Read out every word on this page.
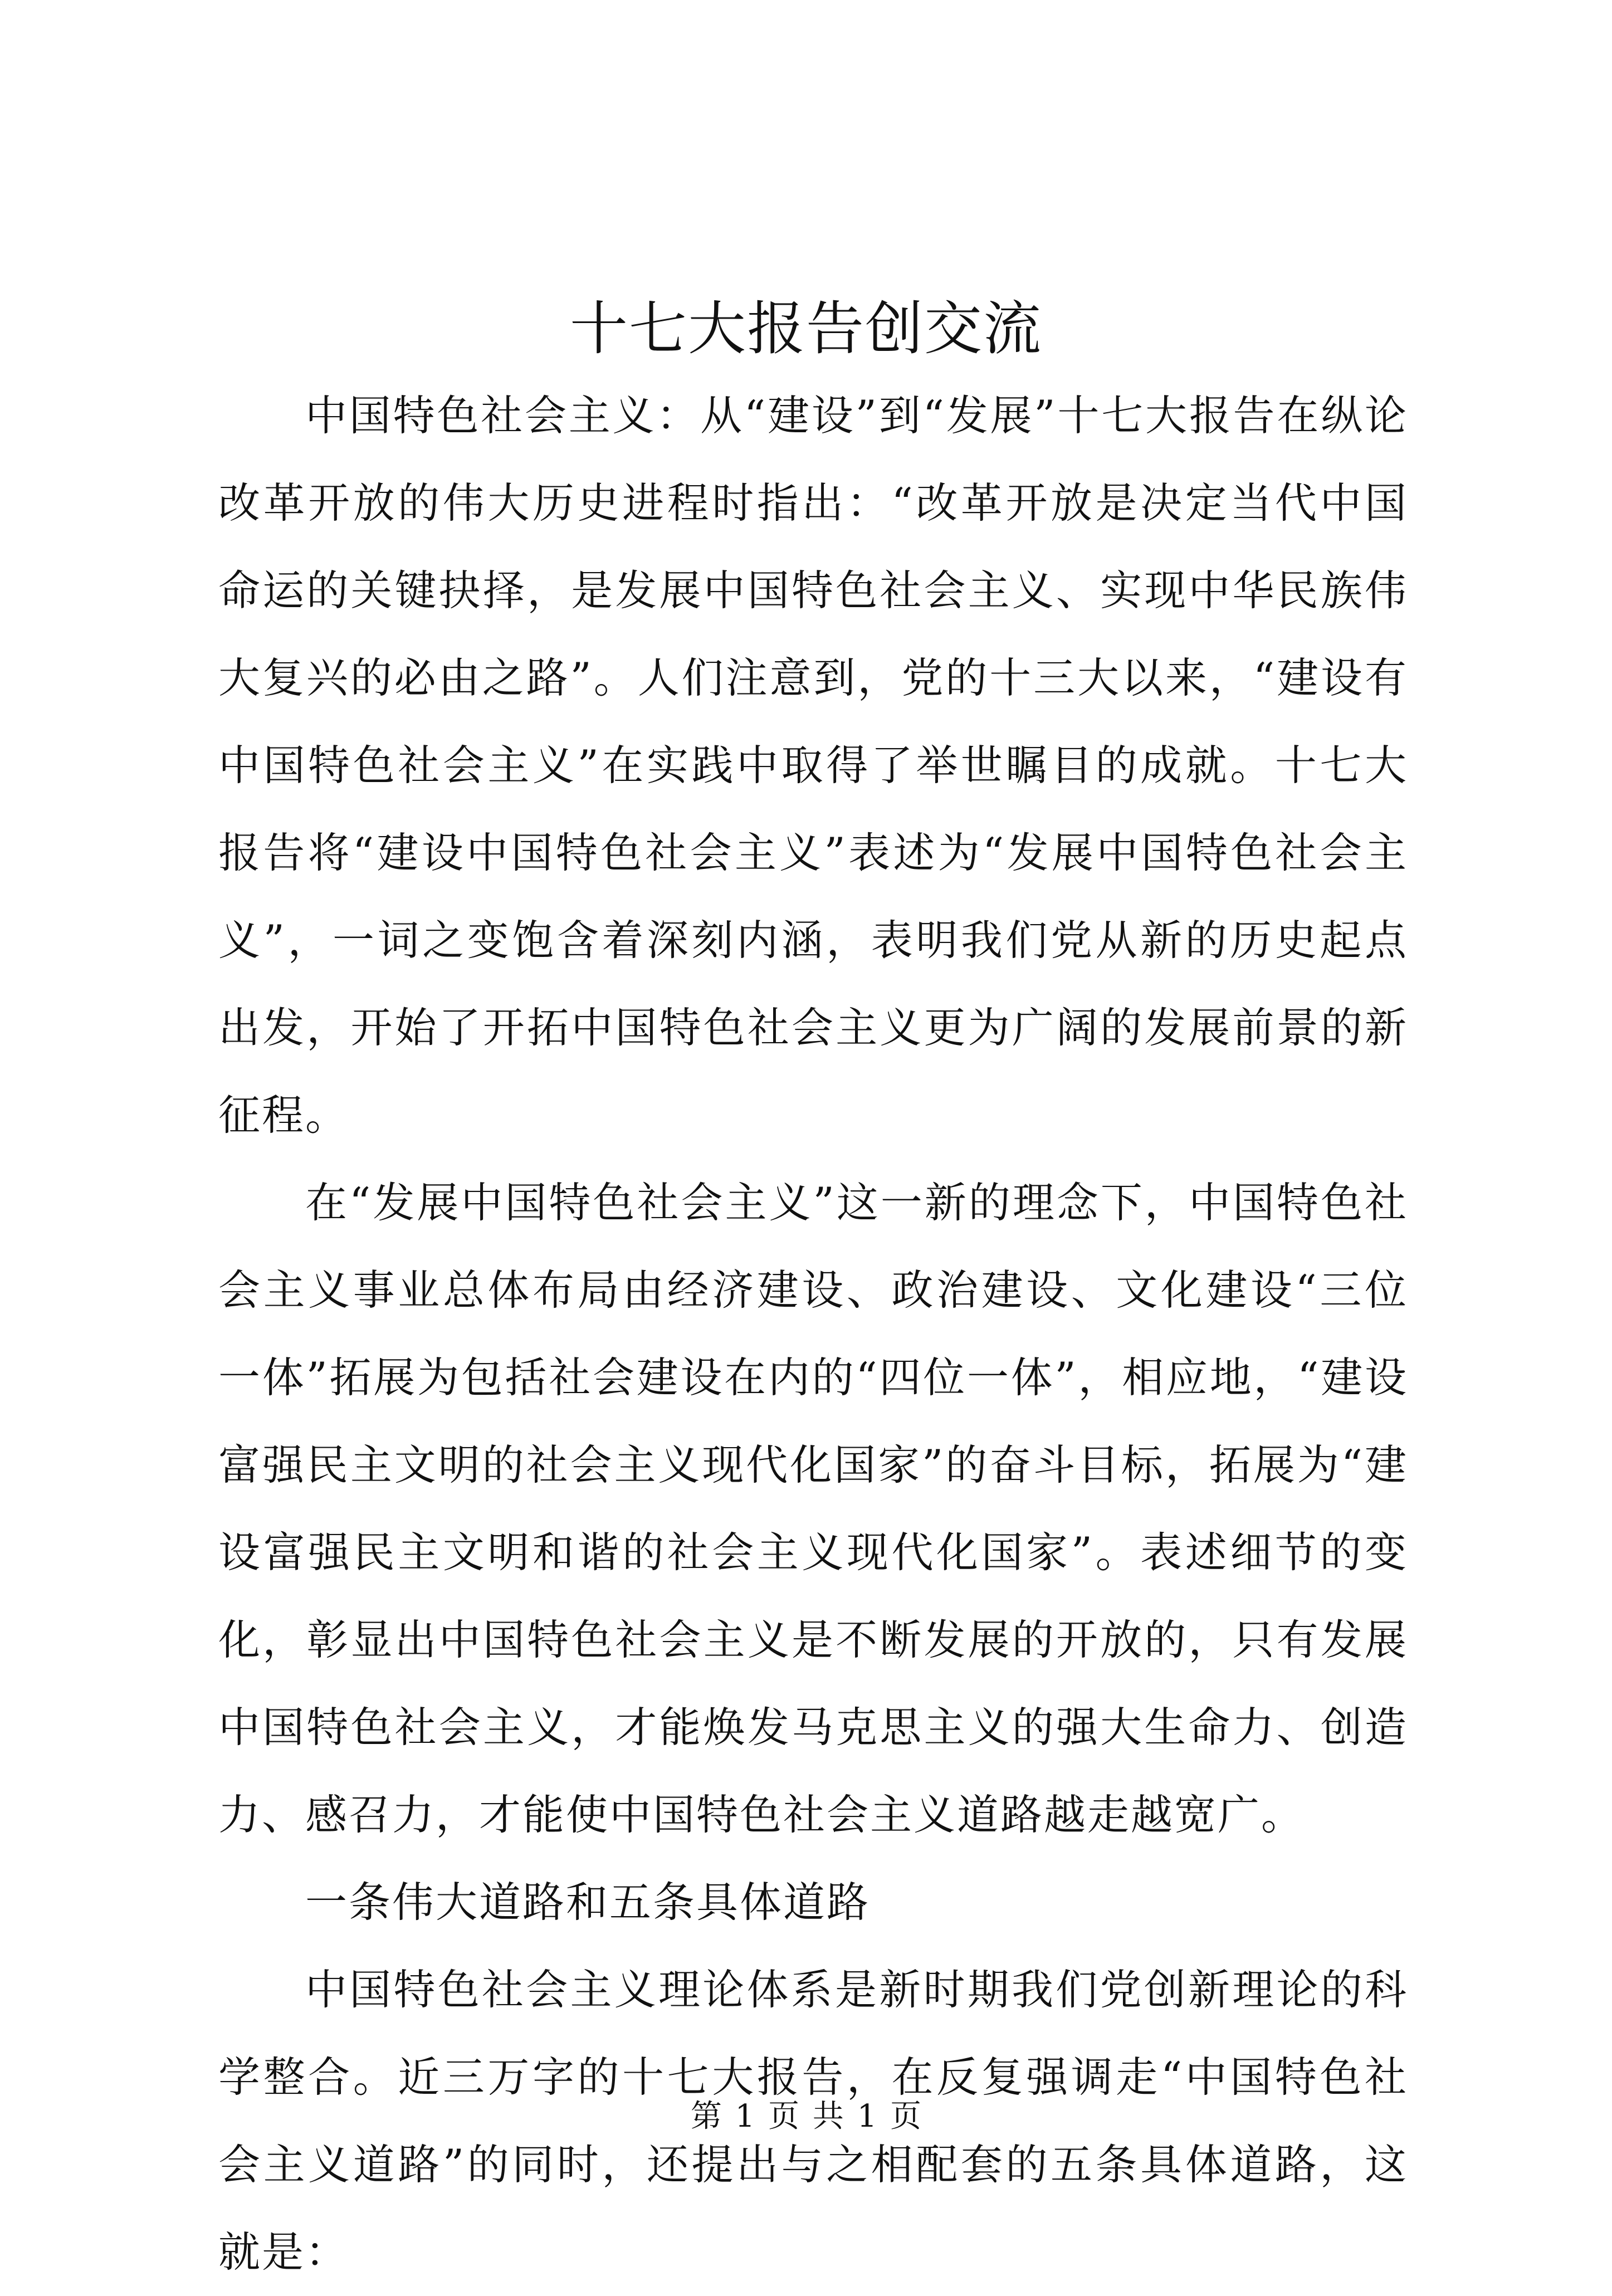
十七大报告创交流

中国特色社会主义：从“建设”到“发展”十七大报告在纵论改革开放的伟大历史进程时指出：“改革开放是决定当代中国命运的关键抉择，是发展中国特色社会主义、实现中华民族伟大复兴的必由之路”。人们注意到，党的十三大以来，“建设有中国特色社会主义”在实践中取得了举世瞩目的成就。十七大报告将“建设中国特色社会主义”表述为“发展中国特色社会主义”，一词之变饱含着深刻内涵，表明我们党从新的历史起点出发，开始了开拓中国特色社会主义更为广阔的发展前景的新征程。

在“发展中国特色社会主义”这一新的理念下，中国特色社会主义事业总体布局由经济建设、政治建设、文化建设“三位一体”拓展为包括社会建设在内的“四位一体”，相应地，“建设富强民主文明的社会主义现代化国家”的奋斗目标，拓展为“建设富强民主文明和谐的社会主义现代化国家”。表述细节的变化，彰显出中国特色社会主义是不断发展的开放的，只有发展中国特色社会主义，才能焕发马克思主义的强大生命力、创造力、感召力，才能使中国特色社会主义道路越走越宽广。

一条伟大道路和五条具体道路

中国特色社会主义理论体系是新时期我们党创新理论的科学整合。近三万字的十七大报告，在反复强调走“中国特色社会主义道路”的同时，还提出与之相配套的五条具体道路，这就是：

第 1 页 共 1 页
